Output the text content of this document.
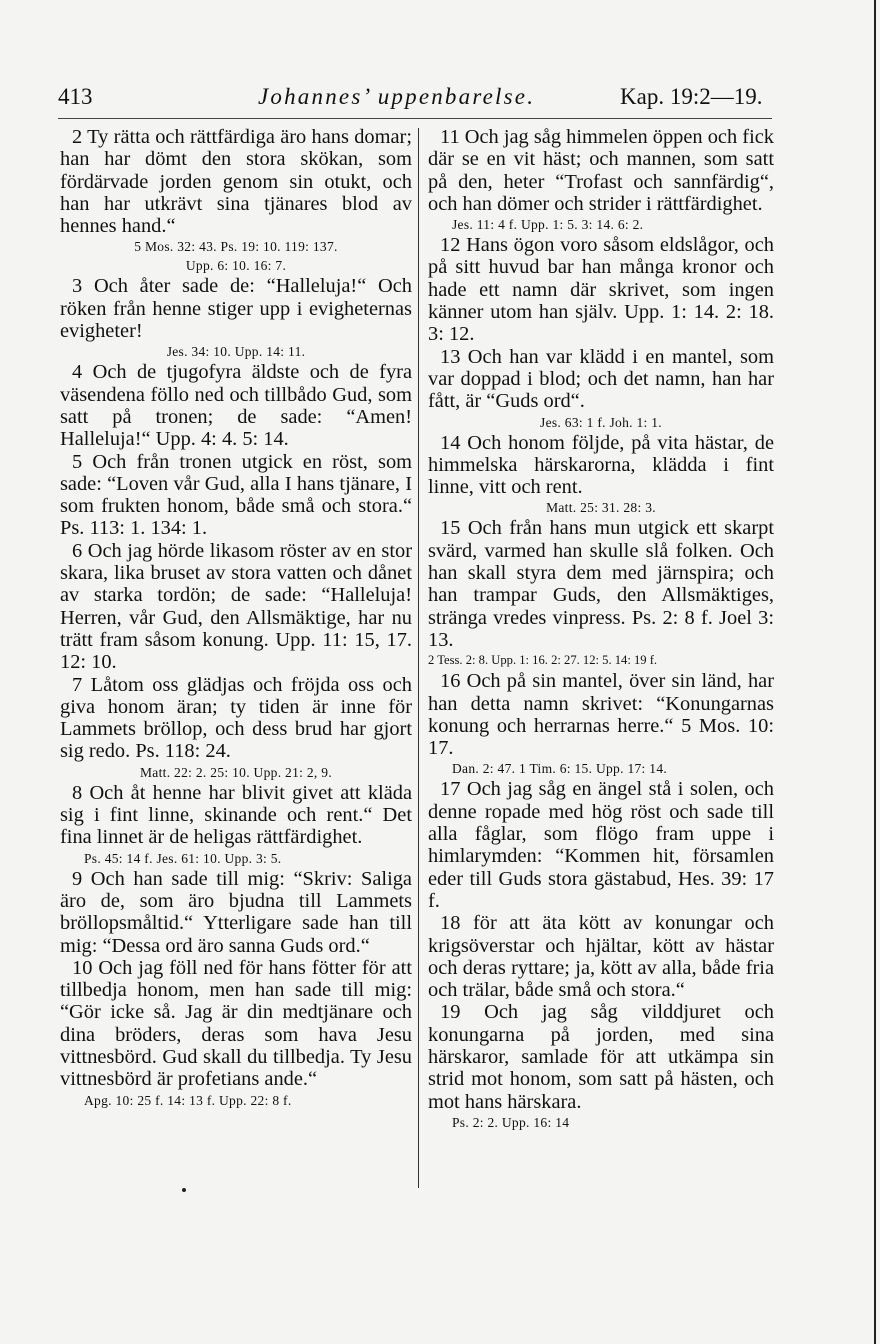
413	Johannes’ uppenbarelse.	Kap. 19:2—19.

2 Ty rätta och rättfärdiga äro hans domar; han har dömt den stora skökan, som fördärvade jorden genom sin otukt, och han har utkrävt sina tjänares blod av hennes hand.“

5 Mos. 32: 43. Ps. 19: 10. 119: 137.

Upp. 6: 10. 16: 7.

3 Och åter sade de: “Halleluja!“ Och röken från henne stiger upp i evigheternas evigheter!

Jes. 34: 10. Upp. 14: 11.

4 Och de tjugofyra äldste och de fyra väsendena föllo ned och tillbådo Gud, som satt på tronen; de sade: “Amen! Halleluja!“ Upp. 4: 4. 5: 14.

5 Och från tronen utgick en röst, som sade: “Loven vår Gud, alla I hans tjänare, I som frukten honom, både små och stora.“ Ps. 113: 1. 134: 1.

6 Och jag hörde likasom röster av en stor skara, lika bruset av stora vatten och dånet av starka tordön; de sade: “Halleluja! Herren, vår Gud, den Allsmäktige, har nu trätt fram såsom konung. Upp. 11: 15, 17. 12: 10.

7 Låtom oss glädjas och fröjda oss och giva honom äran; ty tiden är inne för Lammets bröllop, och dess brud har gjort sig redo. Ps. 118: 24.

Matt. 22: 2. 25: 10. Upp. 21: 2, 9.

8 Och åt henne har blivit givet att kläda sig i fint linne, skinande och rent.“ Det fina linnet är de heligas rättfärdighet.

Ps. 45: 14 f. Jes. 61: 10. Upp. 3: 5.

9 Och han sade till mig: “Skriv: Saliga äro de, som äro bjudna till Lammets bröllopsmåltid.“ Ytterligare sade han till mig: “Dessa ord äro sanna Guds ord.“

10 Och jag föll ned för hans fötter för att tillbedja honom, men han sade till mig: “Gör icke så. Jag är din medtjänare och dina bröders, deras som hava Jesu vittnesbörd. Gud skall du tillbedja. Ty Jesu vittnesbörd är profetians ande.“

Apg. 10: 25 f. 14: 13 f. Upp. 22: 8 f.

11 Och jag såg himmelen öppen och fick där se en vit häst; och mannen, som satt på den, heter “Trofast och sannfärdig“, och han dömer och strider i rättfärdighet.

Jes. 11: 4 f. Upp. 1: 5. 3: 14. 6: 2.

12 Hans ögon voro såsom eldslågor, och på sitt huvud bar han många kronor och hade ett namn där skrivet, som ingen känner utom han själv. Upp. 1: 14. 2: 18. 3: 12.

13 Och han var klädd i en mantel, som var doppad i blod; och det namn, han har fått, är “Guds ord“.

Jes. 63: 1 f. Joh. 1: 1.

14 Och honom följde, på vita hästar, de himmelska härskarorna, klädda i fint linne, vitt och rent.

Matt. 25: 31. 28: 3.

15 Och från hans mun utgick ett skarpt svärd, varmed han skulle slå folken. Och han skall styra dem med järnspira; och han trampar Guds, den Allsmäktiges, stränga vredes vinpress. Ps. 2: 8 f. Joel 3: 13.

2 Tess. 2: 8. Upp. 1: 16. 2: 27. 12: 5. 14: 19 f.

16 Och på sin mantel, över sin länd, har han detta namn skrivet: “Konungarnas konung och herrarnas herre.“ 5 Mos. 10: 17.

Dan. 2: 47. 1 Tim. 6: 15. Upp. 17: 14.

17 Och jag såg en ängel stå i solen, och denne ropade med hög röst och sade till alla fåglar, som flögo fram uppe i himlarymden: “Kommen hit, församlen eder till Guds stora gästabud, Hes. 39: 17 f.

18 för att äta kött av konungar och krigsöverstar och hjältar, kött av hästar och deras ryttare; ja, kött av alla, både fria och trälar, både små och stora.“

19 Och jag såg vilddjuret och konungarna på jorden, med sina härskaror, samlade för att utkämpa sin strid mot honom, som satt på hästen, och mot hans härskara.

Ps. 2: 2. Upp. 16: 14
